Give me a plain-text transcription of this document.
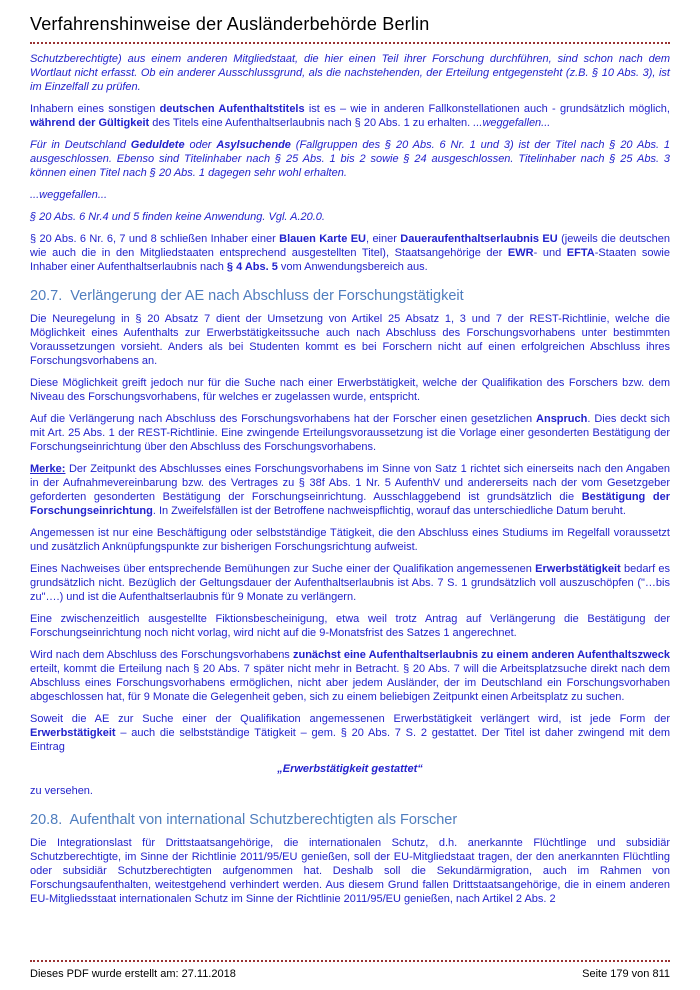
Verfahrenshinweise der Ausländerbehörde Berlin

Schutzberechtigte) aus einem anderen Mitgliedstaat, die hier einen Teil ihrer Forschung durchführen, sind schon nach dem Wortlaut nicht erfasst. Ob ein anderer Ausschlussgrund, als die nachstehenden, der Erteilung entgegensteht (z.B. § 10 Abs. 3), ist im Einzelfall zu prüfen.

Inhabern eines sonstigen deutschen Aufenthaltstitels ist es – wie in anderen Fallkonstellationen auch - grundsätzlich möglich, während der Gültigkeit des Titels eine Aufenthaltserlaubnis nach § 20 Abs. 1 zu erhalten. ...weggefallen...

Für in Deutschland Geduldete oder Asylsuchende (Fallgruppen des § 20 Abs. 6 Nr. 1 und 3) ist der Titel nach § 20 Abs. 1 ausgeschlossen. Ebenso sind Titelinhaber nach § 25 Abs. 1 bis 2 sowie § 24 ausgeschlossen. Titelinhaber nach § 25 Abs. 3 können einen Titel nach § 20 Abs. 1 dagegen sehr wohl erhalten.

...weggefallen...

§ 20 Abs. 6 Nr.4 und 5 finden keine Anwendung. Vgl. A.20.0.

§ 20 Abs. 6 Nr. 6, 7 und 8 schließen Inhaber einer Blauen Karte EU, einer Daueraufenthaltserlaubnis EU (jeweils die deutschen wie auch die in den Mitgliedstaaten entsprechend ausgestellten Titel), Staatsangehörige der EWR- und EFTA-Staaten sowie Inhaber einer Aufenthaltserlaubnis nach § 4 Abs. 5 vom Anwendungsbereich aus.

20.7.  Verlängerung der AE nach Abschluss der Forschungstätigkeit

Die Neuregelung in § 20 Absatz 7 dient der Umsetzung von Artikel 25 Absatz 1, 3 und 7 der REST-Richtlinie, welche die Möglichkeit eines Aufenthalts zur Erwerbstätigkeitssuche auch nach Abschluss des Forschungsvorhabens unter bestimmten Voraussetzungen vorsieht. Anders als bei Studenten kommt es bei Forschern nicht auf einen erfolgreichen Abschluss ihres Forschungsvorhabens an.

Diese Möglichkeit greift jedoch nur für die Suche nach einer Erwerbstätigkeit, welche der Qualifikation des Forschers bzw. dem Niveau des Forschungsvorhabens, für welches er zugelassen wurde, entspricht.

Auf die Verlängerung nach Abschluss des Forschungsvorhabens hat der Forscher einen gesetzlichen Anspruch. Dies deckt sich mit Art. 25 Abs. 1 der REST-Richtlinie. Eine zwingende Erteilungsvoraussetzung ist die Vorlage einer gesonderten Bestätigung der Forschungseinrichtung über den Abschluss des Forschungsvorhabens.

Merke: Der Zeitpunkt des Abschlusses eines Forschungsvorhabens im Sinne von Satz 1 richtet sich einerseits nach den Angaben in der Aufnahmevereinbarung bzw. des Vertrages zu § 38f Abs. 1 Nr. 5 AufenthV und andererseits nach der vom Gesetzgeber geforderten gesonderten Bestätigung der Forschungseinrichtung. Ausschlaggebend ist grundsätzlich die Bestätigung der Forschungseinrichtung. In Zweifelsfällen ist der Betroffene nachweispflichtig, worauf das unterschiedliche Datum beruht.

Angemessen ist nur eine Beschäftigung oder selbstständige Tätigkeit, die den Abschluss eines Studiums im Regelfall voraussetzt und zusätzlich Anknüpfungspunkte zur bisherigen Forschungsrichtung aufweist.

Eines Nachweises über entsprechende Bemühungen zur Suche einer der Qualifikation angemessenen Erwerbstätigkeit bedarf es grundsätzlich nicht. Bezüglich der Geltungsdauer der Aufenthaltserlaubnis ist Abs. 7 S. 1 grundsätzlich voll auszuschöpfen ("…bis zu"….) und ist die Aufenthaltserlaubnis für 9 Monate zu verlängern.

Eine zwischenzeitlich ausgestellte Fiktionsbescheinigung, etwa weil trotz Antrag auf Verlängerung die Bestätigung der Forschungseinrichtung noch nicht vorlag, wird nicht auf die 9-Monatsfrist des Satzes 1 angerechnet.

Wird nach dem Abschluss des Forschungsvorhabens zunächst eine Aufenthaltserlaubnis zu einem anderen Aufenthaltszweck erteilt, kommt die Erteilung nach § 20 Abs. 7 später nicht mehr in Betracht. § 20 Abs. 7 will die Arbeitsplatzsuche direkt nach dem Abschluss eines Forschungsvorhabens ermöglichen, nicht aber jedem Ausländer, der im Deutschland ein Forschungsvorhaben abgeschlossen hat, für 9 Monate die Gelegenheit geben, sich zu einem beliebigen Zeitpunkt einen Arbeitsplatz zu suchen.

Soweit die AE zur Suche einer der Qualifikation angemessenen Erwerbstätigkeit verlängert wird, ist jede Form der Erwerbstätigkeit – auch die selbstständige Tätigkeit – gem. § 20 Abs. 7 S. 2 gestattet. Der Titel ist daher zwingend mit dem Eintrag

„Erwerbstätigkeit gestattet“

zu versehen.

20.8.  Aufenthalt von international Schutzberechtigten als Forscher

Die Integrationslast für Drittstaatsangehörige, die internationalen Schutz, d.h. anerkannte Flüchtlinge und subsidiär Schutzberechtigte, im Sinne der Richtlinie 2011/95/EU genießen, soll der EU-Mitgliedstaat tragen, der den anerkannten Flüchtling oder subsidiär Schutzberechtigten aufgenommen hat. Deshalb soll die Sekundärmigration, auch im Rahmen von Forschungsaufenthalten, weitestgehend verhindert werden. Aus diesem Grund fallen Drittstaatsangehörige, die in einem anderen EU-Mitgliedsstaat internationalen Schutz im Sinne der Richtlinie 2011/95/EU genießen, nach Artikel 2 Abs. 2

Dieses PDF wurde erstellt am: 27.11.2018	Seite 179 von 811
